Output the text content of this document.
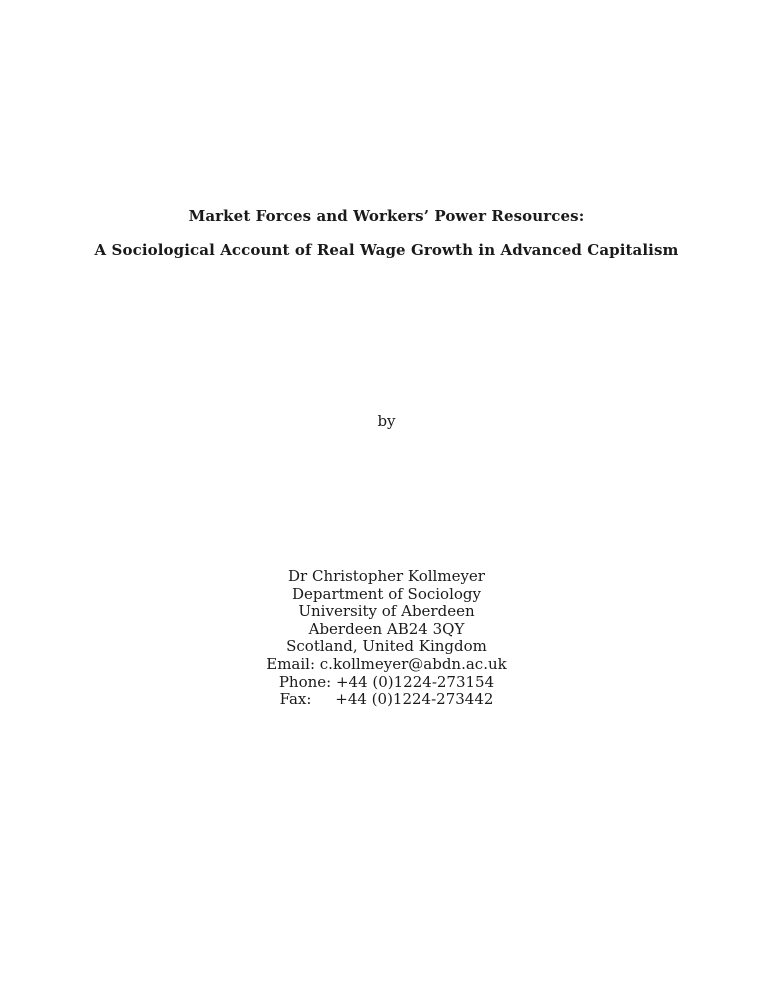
Market Forces and Workers’ Power Resources:
A Sociological Account of Real Wage Growth in Advanced Capitalism
by
Dr Christopher Kollmeyer
Department of Sociology
University of Aberdeen
Aberdeen AB24 3QY
Scotland, United Kingdom
Email: c.kollmeyer@abdn.ac.uk
Phone: +44 (0)1224-273154
Fax:     +44 (0)1224-273442
